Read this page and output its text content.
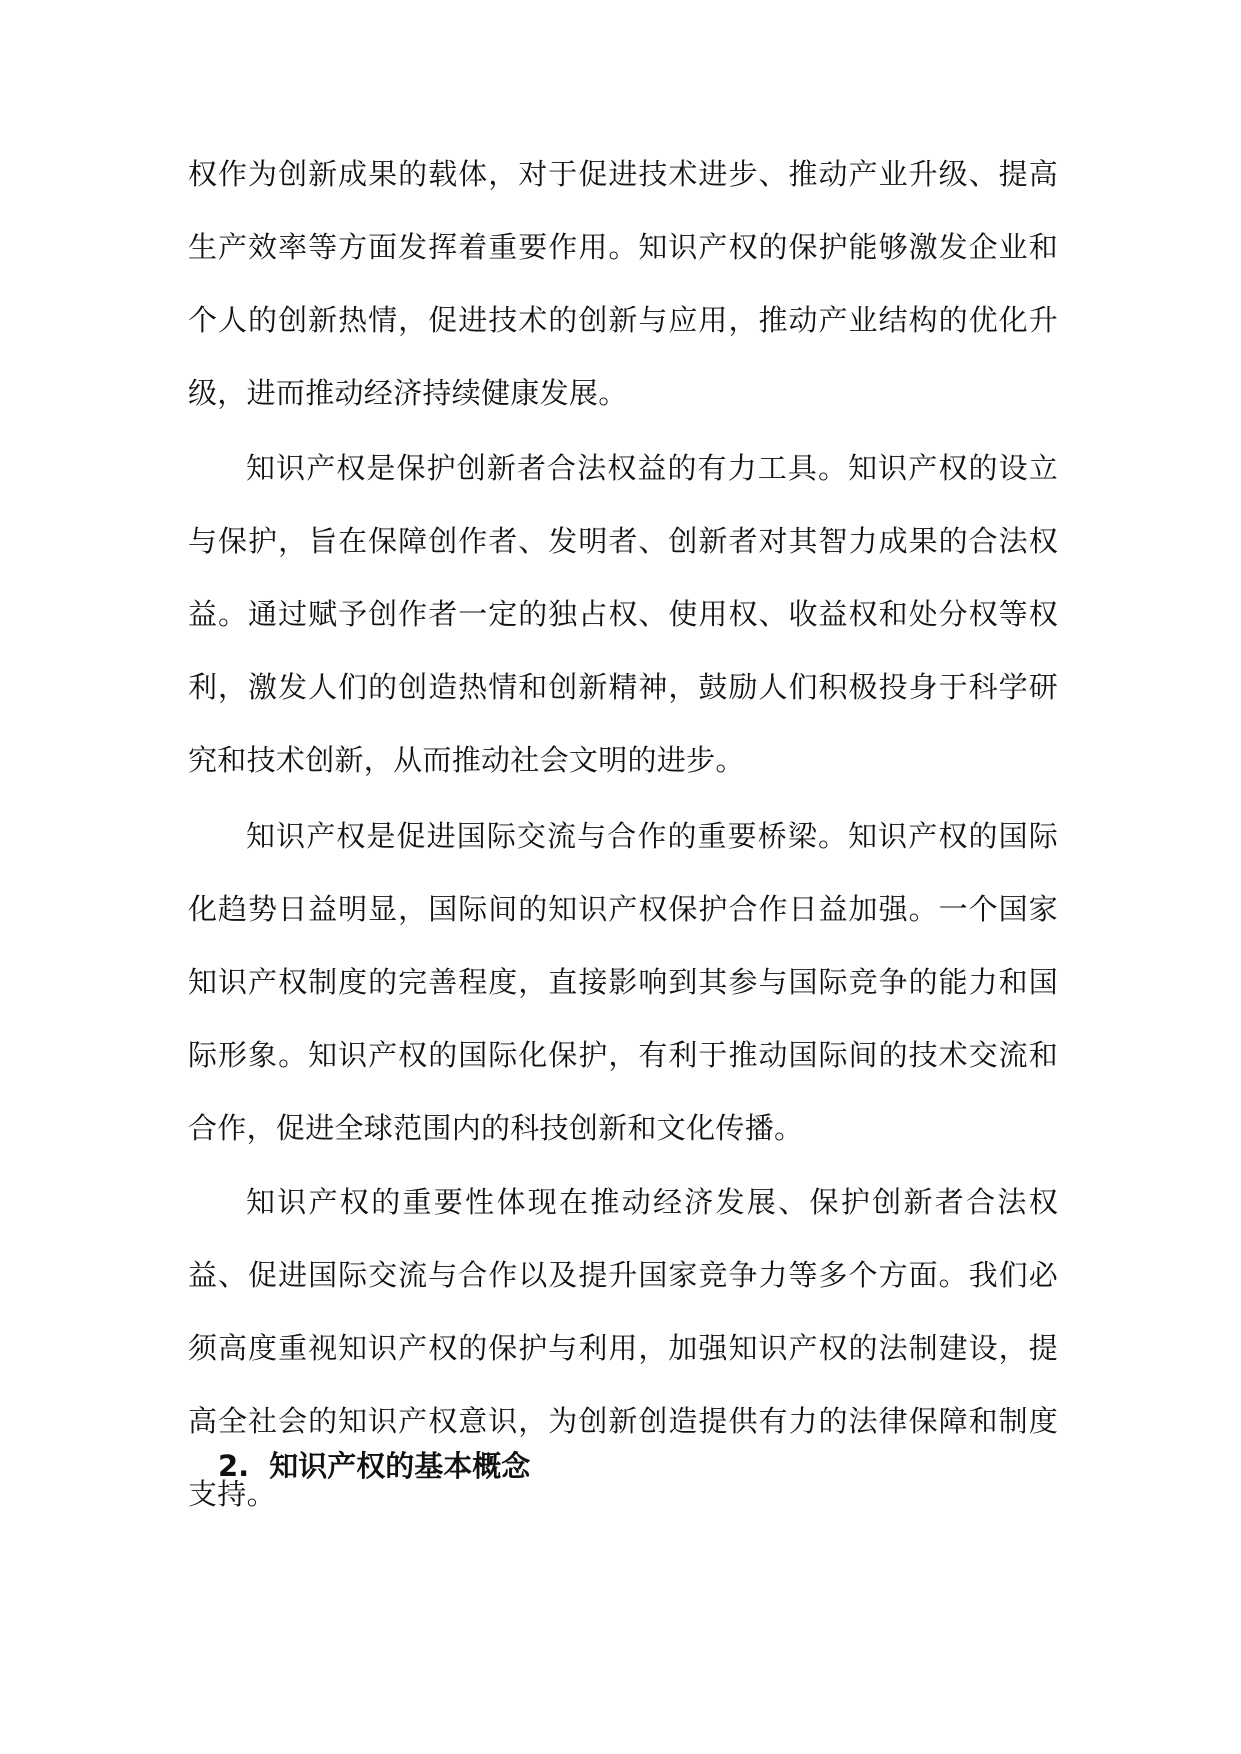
权作为创新成果的载体，对于促进技术进步、推动产业升级、提高生产效率等方面发挥着重要作用。知识产权的保护能够激发企业和个人的创新热情，促进技术的创新与应用，推动产业结构的优化升级，进而推动经济持续健康发展。

知识产权是保护创新者合法权益的有力工具。知识产权的设立与保护，旨在保障创作者、发明者、创新者对其智力成果的合法权益。通过赋予创作者一定的独占权、使用权、收益权和处分权等权利，激发人们的创造热情和创新精神，鼓励人们积极投身于科学研究和技术创新，从而推动社会文明的进步。

知识产权是促进国际交流与合作的重要桥梁。知识产权的国际化趋势日益明显，国际间的知识产权保护合作日益加强。一个国家知识产权制度的完善程度，直接影响到其参与国际竞争的能力和国际形象。知识产权的国际化保护，有利于推动国际间的技术交流和合作，促进全球范围内的科技创新和文化传播。

知识产权的重要性体现在推动经济发展、保护创新者合法权益、促进国际交流与合作以及提升国家竞争力等多个方面。我们必须高度重视知识产权的保护与利用，加强知识产权的法制建设，提高全社会的知识产权意识，为创新创造提供有力的法律保障和制度支持。

2. 知识产权的基本概念
